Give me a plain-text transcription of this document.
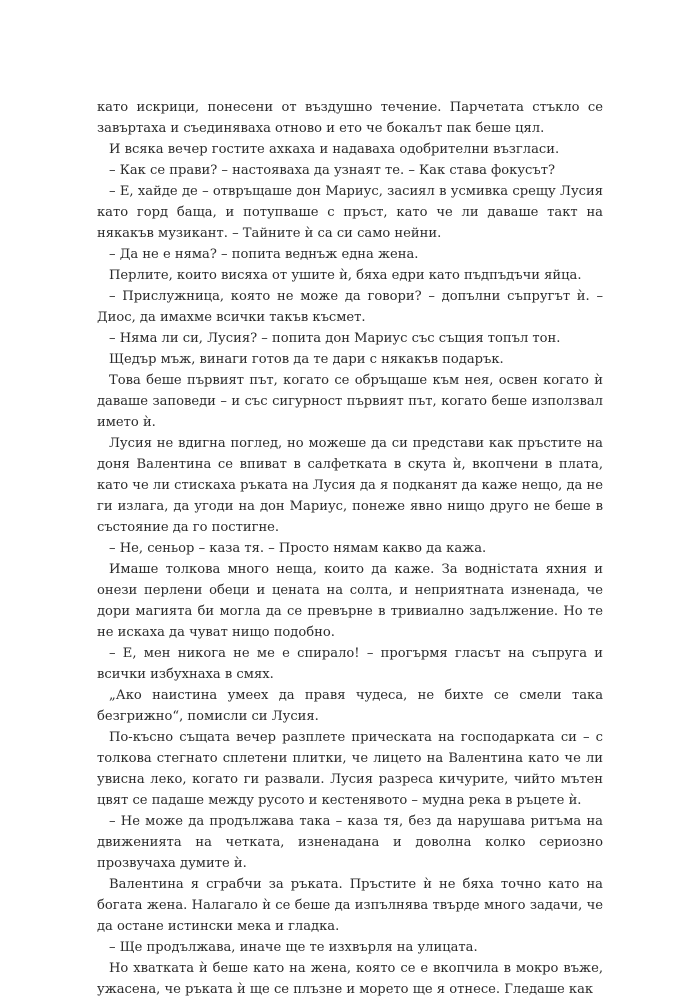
като искрици, понесени от въздушно течение. Парчетата стъкло се завъртаха и съединяваха отново и ето че бокалът пак беше цял.

И всяка вечер гостите ахкаха и надаваха одобрителни възгласи.

– Как се прави? – настояваха да узнаят те. – Как става фокусът?

– Е, хайде де – отвръщаше дон Мариус, засиял в усмивка срещу Лусия като горд баща, и потупваше с пръст, като че ли даваше такт на някакъв музикант. – Тайните ѝ са си само нейни.

– Да не е няма? – попита веднъж една жена.

Перлите, които висяха от ушите ѝ, бяха едри като пъдпъдъчи яйца.

– Прислужница, която не може да говори? – допълни съпругът ѝ. – Диос, да имахме всички такъв късмет.

– Няма ли си, Лусия? – попита дон Мариус със същия топъл тон.

Щедър мъж, винаги готов да те дари с някакъв подарък.

Това беше първият път, когато се обръщаше към нея, освен когато ѝ даваше заповеди – и със сигурност първият път, когато беше използвал името ѝ.

Лусия не вдигна поглед, но можеше да си представи как пръстите на доня Валентина се впиват в салфетката в скута ѝ, вкопчени в плата, като че ли стискаха ръката на Лусия да я подканят да каже нещо, да не ги излага, да угоди на дон Мариус, понеже явно нищо друго не беше в състояние да го постигне.

– Не, сеньор – каза тя. – Просто нямам какво да кажа.

Имаше толкова много неща, които да каже. За водністата яхния и онези перлени обеци и цената на солта, и неприятната изненада, че дори магията би могла да се превърне в тривиално задължение. Но те не искаха да чуват нищо подобно.

– Е, мен никога не ме е спирало! – прогърмя гласът на съпруга и всички избухнаха в смях.

„Ако наистина умеех да правя чудеса, не бихте се смели така безгрижно“, помисли си Лусия.

По-късно същата вечер разплете прическата на господарката си – с толкова стегнато сплетени плитки, че лицето на Валентина като че ли увисна леко, когато ги развали. Лусия разреса кичурите, чийто мътен цвят се падаше между русото и кестенявото – мудна река в ръцете ѝ.

– Не може да продължава така – каза тя, без да нарушава ритъма на движенията на четката, изненадана и доволна колко сериозно прозвучаха думите ѝ.

Валентина я сграбчи за ръката. Пръстите ѝ не бяха точно като на богата жена. Налагало ѝ се беше да изпълнява твърде много задачи, че да остане истински мека и гладка.

– Ще продължава, иначе ще те изхвърля на улицата.

Но хватката ѝ беше като на жена, която се е вкопчила в мокро въже, ужасена, че ръката ѝ ще се плъзне и морето ще я отнесе. Гледаше как
